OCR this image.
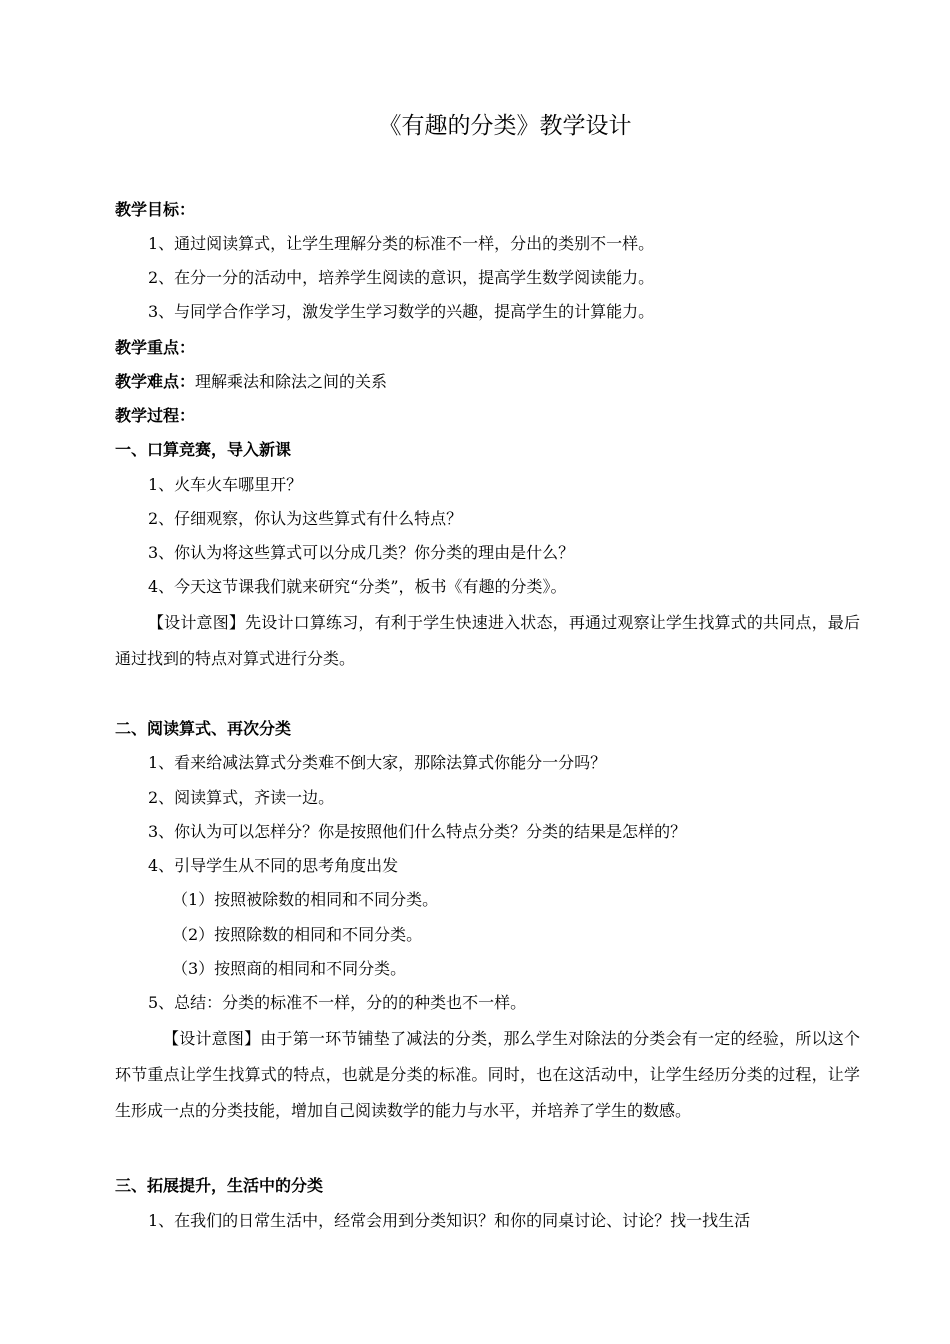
《有趣的分类》教学设计
教学目标：
1、通过阅读算式，让学生理解分类的标准不一样，分出的类别不一样。
2、在分一分的活动中，培养学生阅读的意识，提高学生数学阅读能力。
3、与同学合作学习，激发学生学习数学的兴趣，提高学生的计算能力。
教学重点：
教学难点：理解乘法和除法之间的关系
教学过程：
一、口算竞赛，导入新课
1、火车火车哪里开？
2、仔细观察，你认为这些算式有什么特点？
3、你认为将这些算式可以分成几类？你分类的理由是什么？
4、今天这节课我们就来研究“分类”，板书《有趣的分类》。
【设计意图】先设计口算练习，有利于学生快速进入状态，再通过观察让学生找算式的共同点，最后通过找到的特点对算式进行分类。
二、阅读算式、再次分类
1、看来给减法算式分类难不倒大家，那除法算式你能分一分吗？
2、阅读算式，齐读一边。
3、你认为可以怎样分？你是按照他们什么特点分类？分类的结果是怎样的？
4、引导学生从不同的思考角度出发
（1）按照被除数的相同和不同分类。
（2）按照除数的相同和不同分类。
（3）按照商的相同和不同分类。
5、总结：分类的标准不一样，分的的种类也不一样。
【设计意图】由于第一环节铺垫了减法的分类，那么学生对除法的分类会有一定的经验，所以这个环节重点让学生找算式的特点，也就是分类的标准。同时，也在这活动中，让学生经历分类的过程，让学生形成一点的分类技能，增加自己阅读数学的能力与水平，并培养了学生的数感。
三、拓展提升，生活中的分类
1、在我们的日常生活中，经常会用到分类知识？和你的同桌讨论、讨论？找一找生活
